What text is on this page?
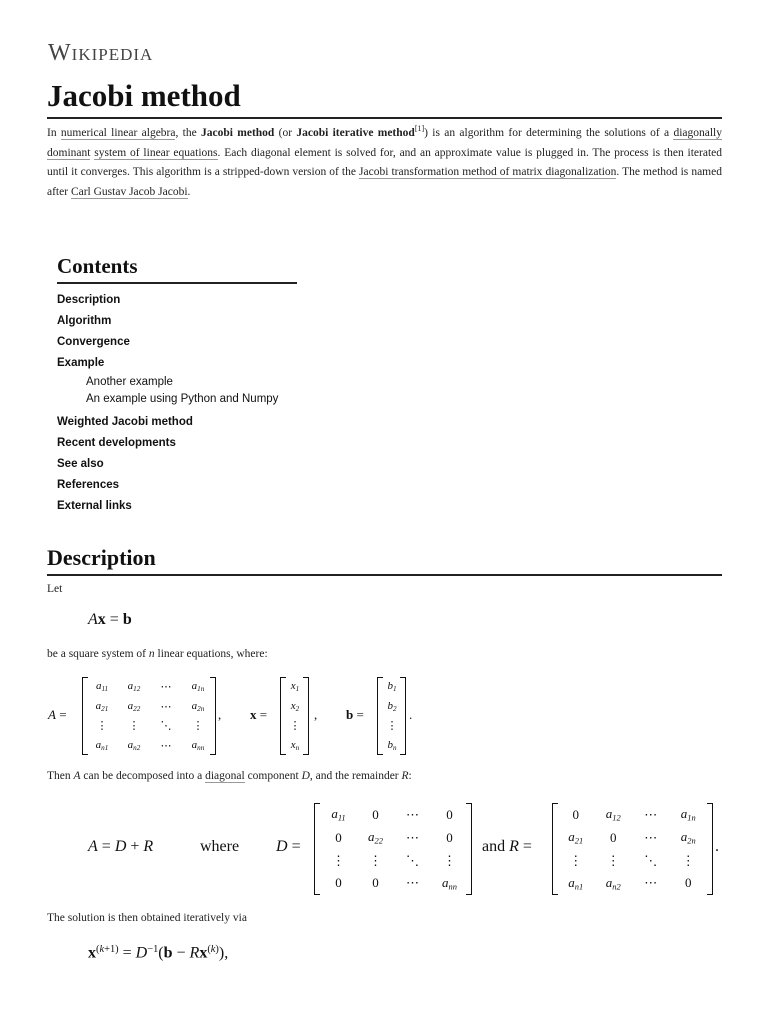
Wikipedia
Jacobi method
In numerical linear algebra, the Jacobi method (or Jacobi iterative method[1]) is an algorithm for determining the solutions of a diagonally dominant system of linear equations. Each diagonal element is solved for, and an approximate value is plugged in. The process is then iterated until it converges. This algorithm is a stripped-down version of the Jacobi transformation method of matrix diagonalization. The method is named after Carl Gustav Jacob Jacobi.
Contents
Description
Algorithm
Convergence
Example
Another example
An example using Python and Numpy
Weighted Jacobi method
Recent developments
See also
References
External links
Description
Let
Ax = b
be a square system of n linear equations, where:
A =
$a_{11}$	$a_{12}$	⋯	$a_{1n}$
$a_{21}$	$a_{22}$	⋯	$a_{2n}$
⋮	⋮	⋱	⋮
$a_{n1}$	$a_{n2}$	⋯	$a_{nn}$
, x =
$x_1$
$x_2$
⋮
$x_n$
, b =
$b_1$
$b_2$
⋮
$b_n$
.
Then A can be decomposed into a diagonal component D, and the remainder R:
A = D + R	where D =
$a_{11}$	0	⋯	0
0	$a_{22}$	⋯	0
⋮	⋮	⋱	⋮
0	0	⋯	$a_{nn}$
and R =
0	$a_{12}$	⋯	$a_{1n}$
$a_{21}$	0	⋯	$a_{2n}$
⋮	⋮	⋱	⋮
$a_{n1}$	$a_{n2}$	⋯	0
.
The solution is then obtained iteratively via
$x^{(k+1)} = D^{-1}(b - Rx^{(k)})$,
